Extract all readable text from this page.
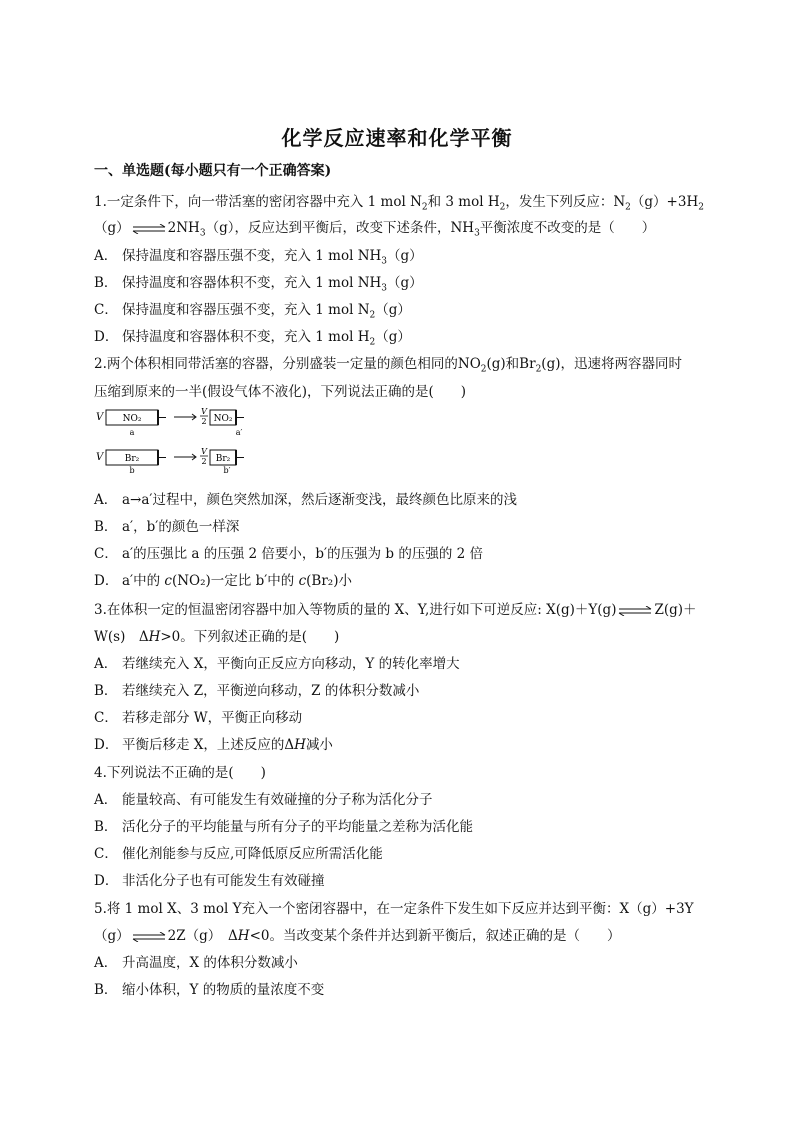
化学反应速率和化学平衡
一、单选题(每小题只有一个正确答案)
1.一定条件下，向一带活塞的密闭容器中充入 1 mol $N_2$和 3 mol $H_2$，发生下列反应：$N_2(g)+3H_2$
（g） ⇌ $2NH_3(g)$，反应达到平衡后，改变下述条件，$NH_3$平衡浓度不改变的是（　　）
A． 保持温度和容器压强不变，充入 1 mol $NH_3(g)$
B． 保持温度和容器体积不变，充入 1 mol $NH_3(g)$
C． 保持温度和容器压强不变，充入 1 mol $N_2(g)$
D． 保持温度和容器体积不变，充入 1 mol $H_2(g)$
2.两个体积相同带活塞的容器，分别盛装一定量的颜色相同的$NO_2(g)$和$Br_2(g)$，迅速将两容器同时
压缩到原来的一半(假设气体不液化)，下列说法正确的是(　　)
V NO₂
a
V
2 NO₂
a′
V Br₂
b
V
2 Br₂
b′
A． a→a′过程中，颜色突然加深，然后逐渐变浅，最终颜色比原来的浅
B． a′，b′的颜色一样深
C． a′的压强比 a 的压强 2 倍要小，b′的压强为 b 的压强的 2 倍
D． a′中的 c(NO₂)一定比 b′中的 c(Br₂)小
3.在体积一定的恒温密闭容器中加入等物质的量的 X、Y,进行如下可逆反应: X(g)＋Y(g) ⇌ Z(g)＋
W(s)　ΔH>0。下列叙述正确的是(　　)
A． 若继续充入 X，平衡向正反应方向移动，Y 的转化率增大
B． 若继续充入 Z，平衡逆向移动，Z 的体积分数减小
C． 若移走部分 W，平衡正向移动
D． 平衡后移走 X，上述反应的ΔH减小
4.下列说法不正确的是(　　)
A． 能量较高、有可能发生有效碰撞的分子称为活化分子
B． 活化分子的平均能量与所有分子的平均能量之差称为活化能
C． 催化剂能参与反应,可降低原反应所需活化能
D． 非活化分子也有可能发生有效碰撞
5.将 1 mol X、3 mol Y充入一个密闭容器中，在一定条件下发生如下反应并达到平衡：X（g）+3Y
（g） ⇌ 2Z（g）　ΔH<0。当改变某个条件并达到新平衡后，叙述正确的是（　　）
A． 升高温度，X 的体积分数减小
B． 缩小体积，Y 的物质的量浓度不变
